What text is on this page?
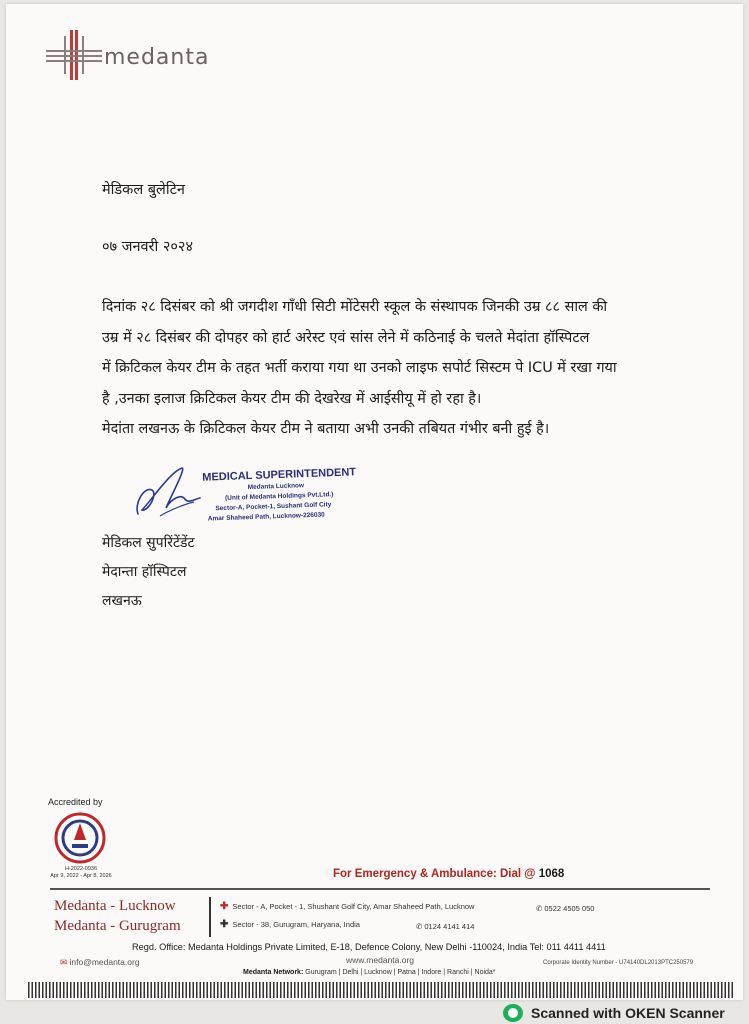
medanta
मेडिकल बुलेटिन
०७ जनवरी २०२४
दिनांक २८ दिसंबर को श्री जगदीश गाँधी सिटी मोंटेसरी स्कूल के संस्थापक जिनकी उम्र ८८ साल की
उम्र में २८ दिसंबर की दोपहर को हार्ट अरेस्ट एवं सांस लेने में कठिनाई के चलते मेदांता हॉस्पिटल
में क्रिटिकल केयर टीम के तहत भर्ती कराया गया था उनको लाइफ सपोर्ट सिस्टम पे ICU में रखा गया
है ,उनका इलाज क्रिटिकल केयर टीम की देखरेख में आईसीयू में हो रहा है।
मेदांता लखनऊ के क्रिटिकल केयर टीम ने बताया अभी उनकी तबियत गंभीर बनी हुई है।
MEDICAL SUPERINTENDENT
Medanta Lucknow
(Unit of Medanta Holdings Pvt.Ltd.)
Sector-A, Pocket-1, Sushant Golf City
Amar Shaheed Path, Lucknow-226030
मेडिकल सुपरिंटेंडेंट
मेदान्ता हॉस्पिटल
लखनऊ
Accredited by
H-2022-0936
Apr 9, 2022 - Apr 8, 2026	For Emergency & Ambulance: Dial @ 1068
Medanta - Lucknow
Medanta - Gurugram
✚ Sector - A, Pocket - 1, Shushant Golf City, Amar Shaheed Path, Lucknow	✆ 0522 4505 050
✚ Sector - 38, Gurugram, Haryana, India	✆ 0124 4141 414
Regd. Office: Medanta Holdings Private Limited, E-18, Defence Colony, New Delhi -110024, India Tel: 011 4411 4411
✉ info@medanta.org	www.medanta.org	Corporate Identity Number - U74140DL2013PTC250579
Medanta Network: Gurugram | Delhi | Lucknow | Patna | Indore | Ranchi | Noida*
Scanned with OKEN Scanner
